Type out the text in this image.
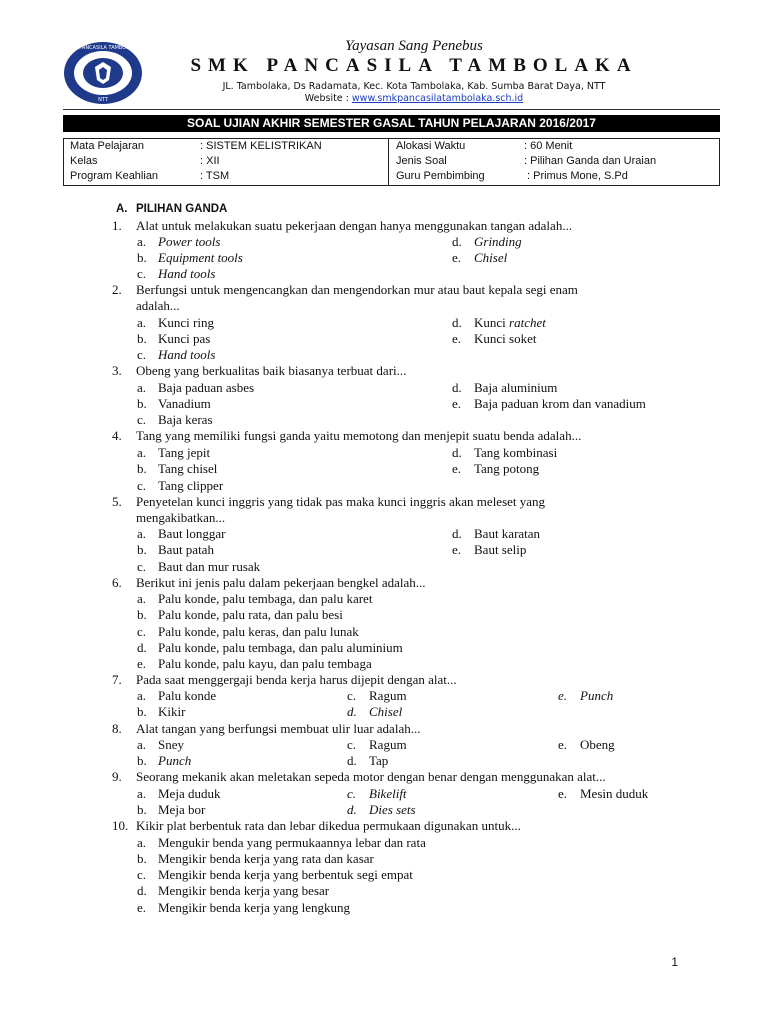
SMK PANCASILA TAMBOLAKA
NTT
Yayasan Sang Penebus
SMK PANCASILA TAMBOLAKA
JL. Tambolaka, Ds Radamata, Kec. Kota Tambolaka, Kab. Sumba Barat Daya, NTT
Website : www.smkpancasilatambolaka.sch.id
SOAL UJIAN AKHIR SEMESTER GASAL TAHUN PELAJARAN 2016/2017
Mata Pelajaran	: SISTEM KELISTRIKAN
Kelas	: XII
Program Keahlian	: TSM
Alokasi Waktu	: 60 Menit
Jenis Soal	: Pilihan Ganda dan Uraian
Guru Pembimbing	: Primus Mone, S.Pd
A. PILIHAN GANDA
1. Alat untuk melakukan suatu pekerjaan dengan hanya menggunakan tangan adalah...
a. Power tools
b. Equipment tools
c. Hand tools
d. Grinding
e. Chisel
2. Berfungsi untuk mengencangkan dan mengendorkan mur atau baut kepala segi enam
adalah...
a. Kunci ring
b. Kunci pas
c. Hand tools
d. Kunci ratchet
e. Kunci soket
3. Obeng yang berkualitas baik biasanya terbuat dari...
a. Baja paduan asbes
b. Vanadium
c. Baja keras
d. Baja aluminium
e. Baja paduan krom dan vanadium
4. Tang yang memiliki fungsi ganda yaitu memotong dan menjepit suatu benda adalah...
a. Tang jepit
b. Tang chisel
c. Tang clipper
d. Tang kombinasi
e. Tang potong
5. Penyetelan kunci inggris yang tidak pas maka kunci inggris akan meleset yang
mengakibatkan...
a. Baut longgar
b. Baut patah
c. Baut dan mur rusak
d. Baut karatan
e. Baut selip
6. Berikut ini jenis palu dalam pekerjaan bengkel adalah...
a. Palu konde, palu tembaga, dan palu karet
b. Palu konde, palu rata, dan palu besi
c. Palu konde, palu keras, dan palu lunak
d. Palu konde, palu tembaga, dan palu aluminium
e. Palu konde, palu kayu, dan palu tembaga
7. Pada saat menggergaji benda kerja harus dijepit dengan alat...
a. Palu konde
b. Kikir
c. Ragum
d. Chisel
e. Punch
8. Alat tangan yang berfungsi membuat ulir luar adalah...
a. Sney
b. Punch
c. Ragum
d. Tap
e. Obeng
9. Seorang mekanik akan meletakan sepeda motor dengan benar dengan menggunakan alat...
a. Meja duduk
b. Meja bor
c. Bikelift
d. Dies sets
e. Mesin duduk
10. Kikir plat berbentuk rata dan lebar dikedua permukaan digunakan untuk...
a. Mengukir benda yang permukaannya lebar dan rata
b. Mengikir benda kerja yang rata dan kasar
c. Mengikir benda kerja yang berbentuk segi empat
d. Mengikir benda kerja yang besar
e. Mengikir benda kerja yang lengkung
1
